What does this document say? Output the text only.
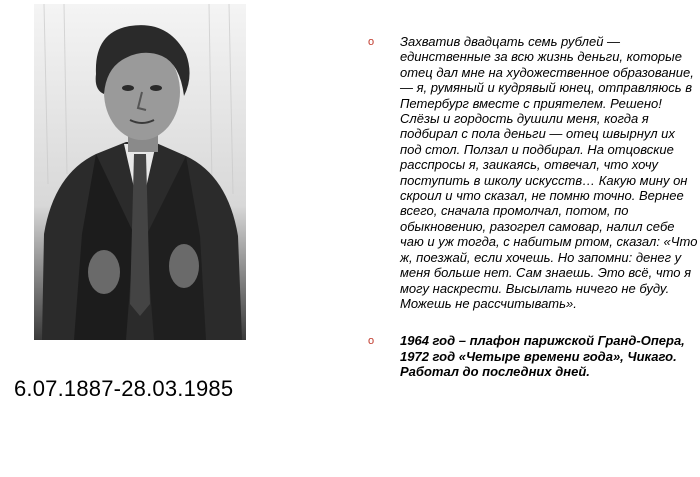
6.07.1887-28.03.1985
o Захватив двадцать семь рублей — единственные за всю жизнь деньги, которые отец дал мне на художественное образование, — я, румяный и кудрявый юнец, отправляюсь в Петербург вместе с приятелем. Решено! Слёзы и гордость душили меня, когда я подбирал с пола деньги — отец швырнул их под стол. Ползал и подбирал. На отцовские расспросы я, заикаясь, отвечал, что хочу поступить в школу искусств… Какую мину он скроил и что сказал, не помню точно. Вернее всего, сначала промолчал, потом, по обыкновению, разогрел самовар, налил себе чаю и уж тогда, с набитым ртом, сказал: «Что ж, поезжай, если хочешь. Но запомни: денег у меня больше нет. Сам знаешь. Это всё, что я могу наскрести. Высылать ничего не буду. Можешь не рассчитывать».
o 1964 год – плафон парижской Гранд-Опера, 1972 год «Четыре времени года», Чикаго. Работал до последних дней.
